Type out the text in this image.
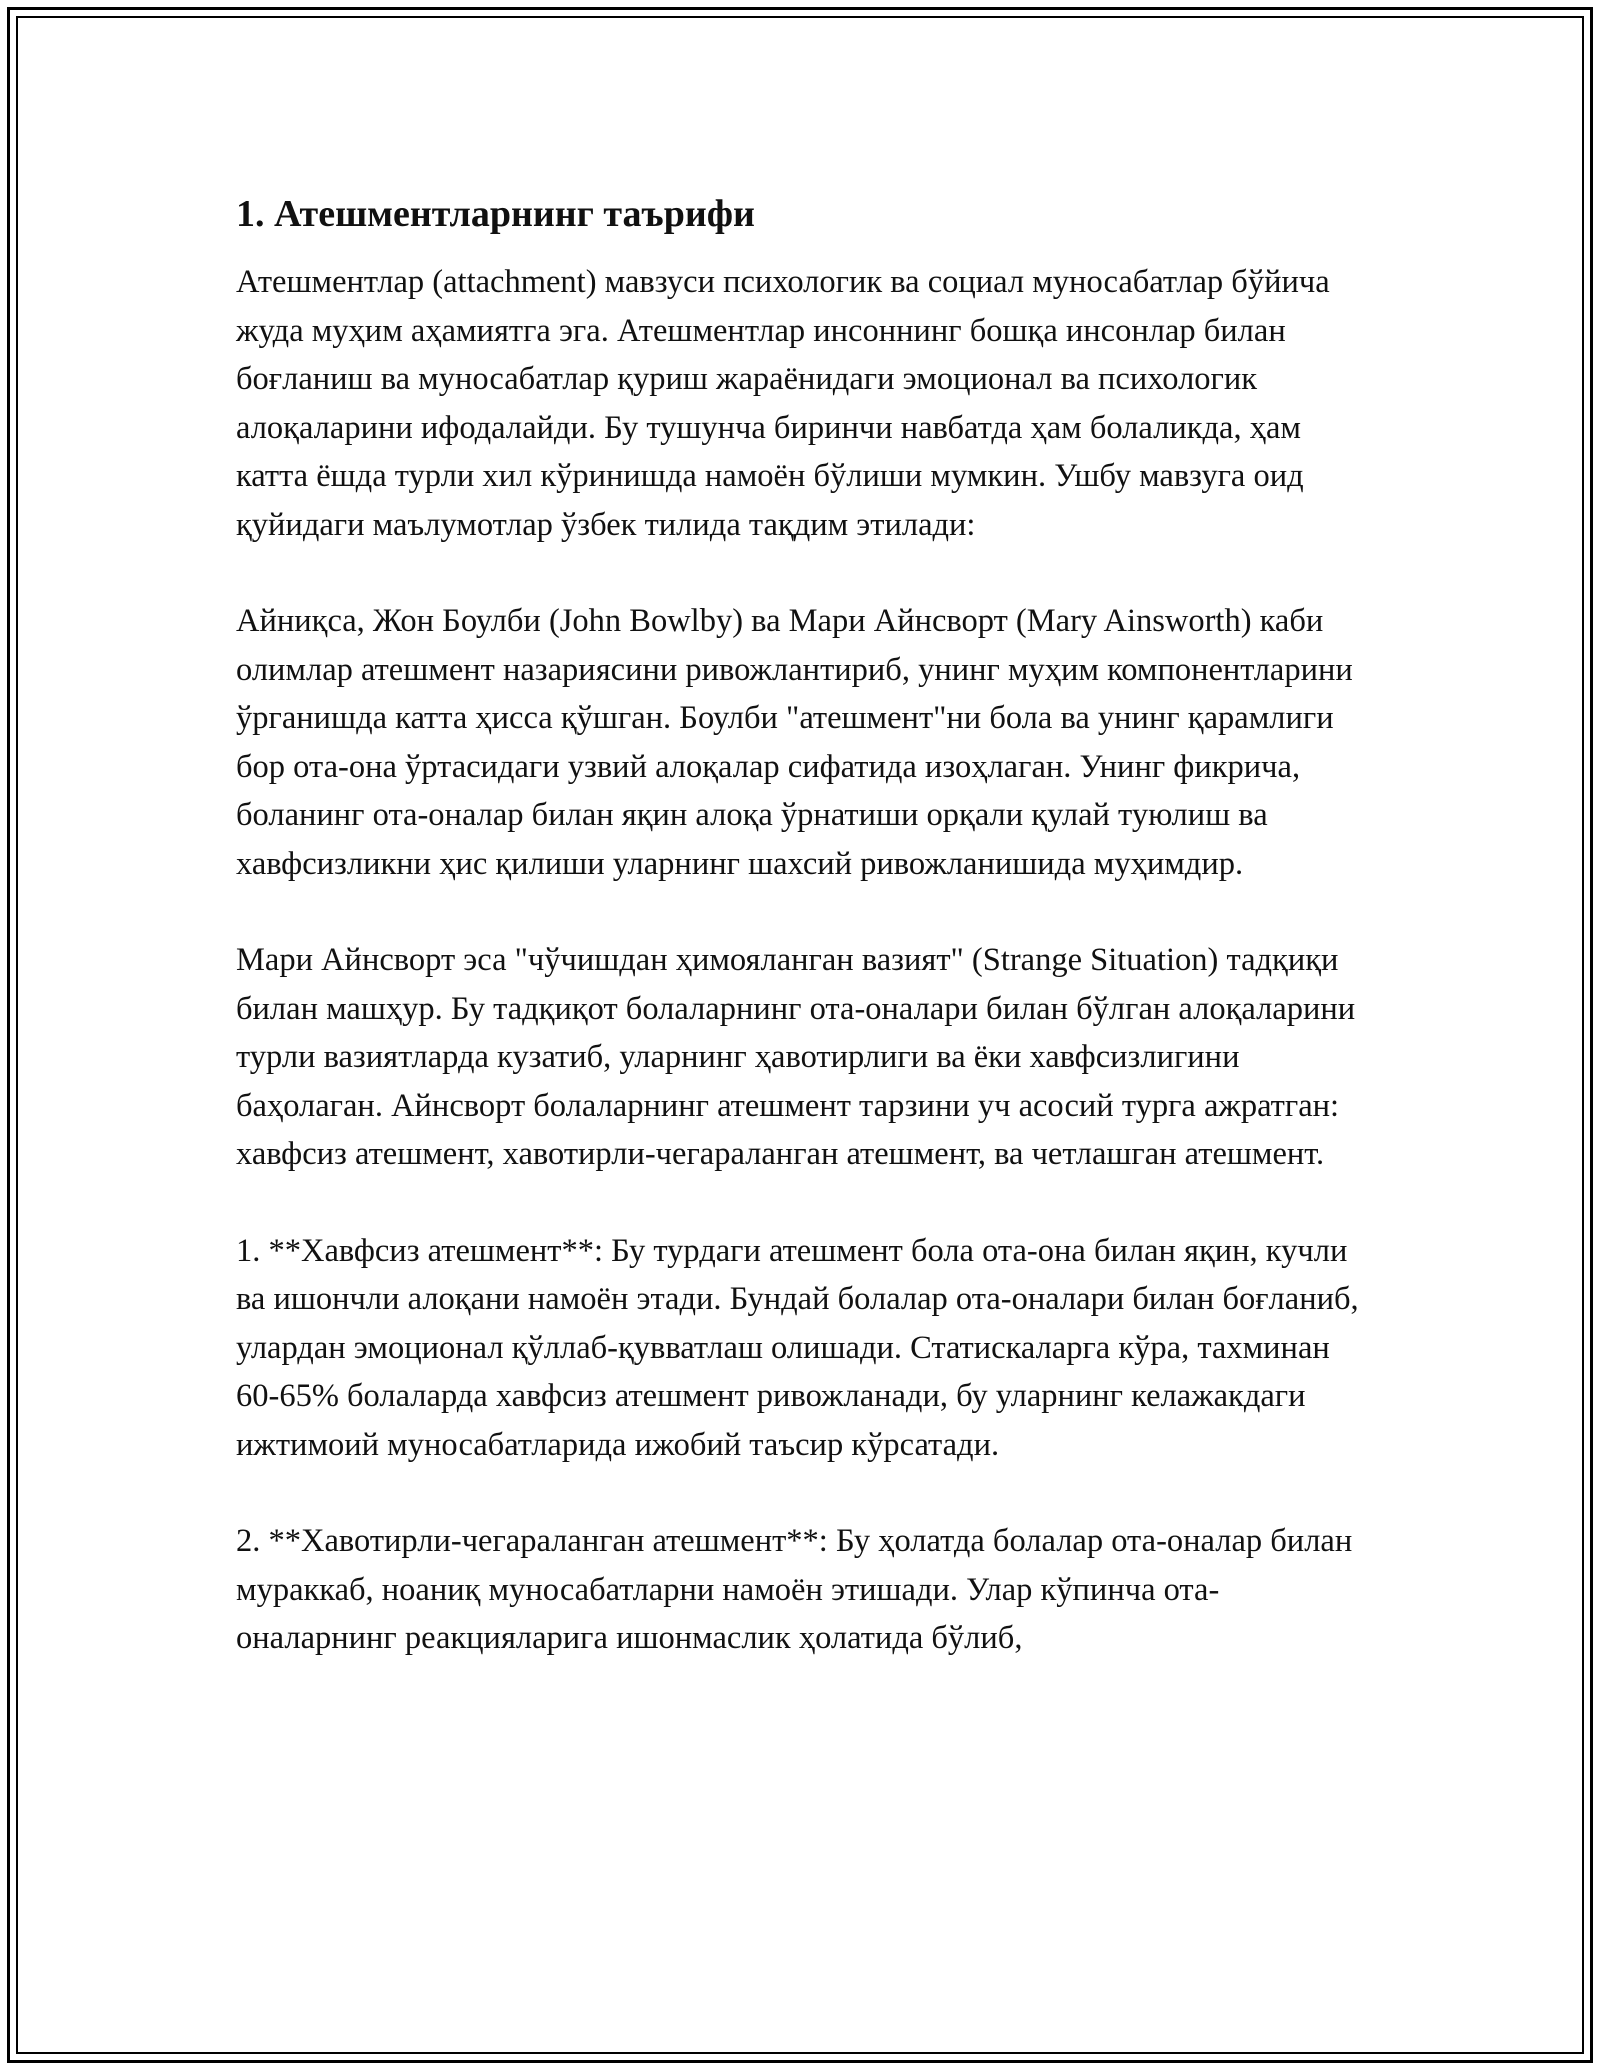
1. Атешментларнинг таърифи

Атешментлар (attachment) мавзуси психологик ва социал муносабатлар бўйича жуда муҳим аҳамиятга эга. Атешментлар инсоннинг бошқа инсонлар билан боғланиш ва муносабатлар қуриш жараёнидаги эмоционал ва психологик алоқаларини ифодалайди. Бу тушунча биринчи навбатда ҳам болаликда, ҳам катта ёшда турли хил кўринишда намоён бўлиши мумкин. Ушбу мавзуга оид қуйидаги маълумотлар ўзбек тилида тақдим этилади:

Айниқса, Жон Боулби (John Bowlby) ва Мари Айнсворт (Mary Ainsworth) каби олимлар атешмент назариясини ривожлантириб, унинг муҳим компонентларини ўрганишда катта ҳисса қўшган. Боулби "атешмент"ни бола ва унинг қарамлиги бор ота-она ўртасидаги узвий алоқалар сифатида изоҳлаган. Унинг фикрича, боланинг ота-оналар билан яқин алоқа ўрнатиши орқали қулай туюлиш ва хавфсизликни ҳис қилиши уларнинг шахсий ривожланишида муҳимдир.

Мари Айнсворт эса "чўчишдан ҳимояланган вазият" (Strange Situation) тадқиқи билан машҳур. Бу тадқиқот болаларнинг ота-оналари билан бўлган алоқаларини турли вазиятларда кузатиб, уларнинг ҳавотирлиги ва ёки хавфсизлигини баҳолаган. Айнсворт болаларнинг атешмент тарзини уч асосий турга ажратган: хавфсиз атешмент, хавотирли-чегараланган атешмент, ва четлашган атешмент.

1. **Хавфсиз атешмент**: Бу турдаги атешмент бола ота-она билан яқин, кучли ва ишончли алоқани намоён этади. Бундай болалар ота-оналари билан боғланиб, улардан эмоционал қўллаб-қувватлаш олишади. Статискаларга кўра, тахминан 60-65% болаларда хавфсиз атешмент ривожланади, бу уларнинг келажакдаги ижтимоий муносабатларида ижобий таъсир кўрсатади.

2. **Хавотирли-чегараланган атешмент**: Бу ҳолатда болалар ота-оналар билан мураккаб, ноаниқ муносабатларни намоён этишади. Улар кўпинча ота-оналарнинг реакцияларига ишонмаслик ҳолатида бўлиб,
